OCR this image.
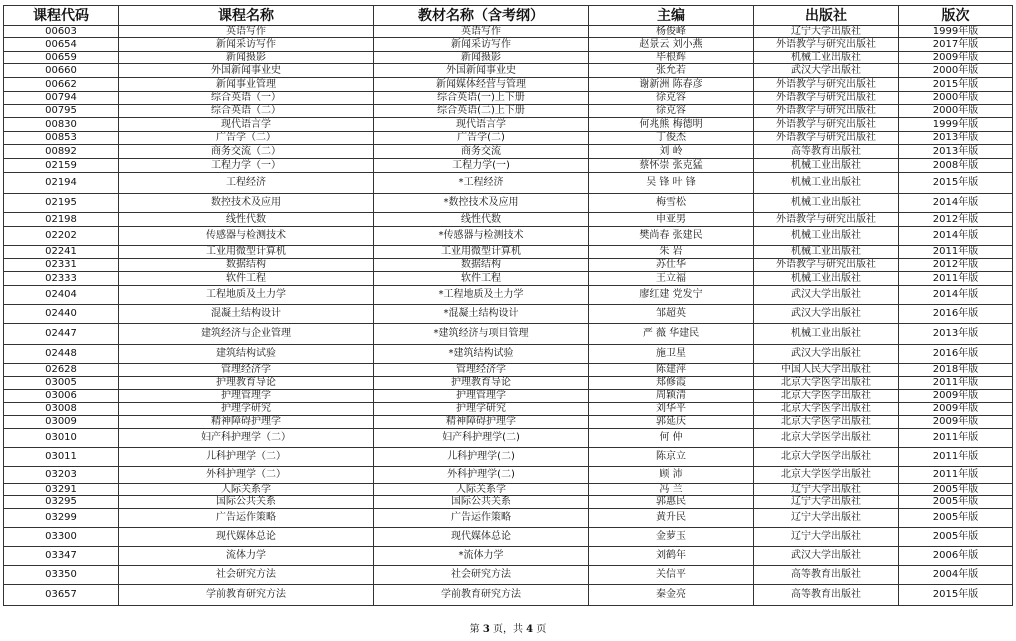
课程代码	课程名称	教材名称（含考纲）	主编	出版社	版次
00603	英语写作	英语写作	杨俊峰	辽宁大学出版社	1999年版
00654	新闻采访写作	新闻采访写作	赵景云 刘小燕	外语教学与研究出版社	2017年版
00659	新闻摄影	新闻摄影	毕根辉	机械工业出版社	2009年版
00660	外国新闻事业史	外国新闻事业史	张允若	武汉大学出版社	2000年版
00662	新闻事业管理	新闻媒体经营与管理	谢新洲 陈春彦	外语教学与研究出版社	2015年版
00794	综合英语（一）	综合英语(一)上下册	徐克容	外语教学与研究出版社	2000年版
00795	综合英语（二）	综合英语(二)上下册	徐克容	外语教学与研究出版社	2000年版
00830	现代语言学	现代语言学	何兆熊 梅德明	外语教学与研究出版社	1999年版
00853	广告学（二）	广告学(二)	丁俊杰	外语教学与研究出版社	2013年版
00892	商务交流（二）	商务交流	刘 岭	高等教育出版社	2013年版
02159	工程力学（一）	工程力学(一)	蔡怀崇 张克猛	机械工业出版社	2008年版
02194	工程经济	*工程经济	吴 锋 叶 锋	机械工业出版社	2015年版
02195	数控技术及应用	*数控技术及应用	梅雪松	机械工业出版社	2014年版
02198	线性代数	线性代数	申亚男	外语教学与研究出版社	2012年版
02202	传感器与检测技术	*传感器与检测技术	樊尚春 张建民	机械工业出版社	2014年版
02241	工业用微型计算机	工业用微型计算机	朱 岩	机械工业出版社	2011年版
02331	数据结构	数据结构	苏仕华	外语教学与研究出版社	2012年版
02333	软件工程	软件工程	王立福	机械工业出版社	2011年版
02404	工程地质及土力学	*工程地质及土力学	廖红建 党发宁	武汉大学出版社	2014年版
02440	混凝土结构设计	*混凝土结构设计	邹超英	武汉大学出版社	2016年版
02447	建筑经济与企业管理	*建筑经济与项目管理	严 薇 华建民	机械工业出版社	2013年版
02448	建筑结构试验	*建筑结构试验	施卫星	武汉大学出版社	2016年版
02628	管理经济学	管理经济学	陈建萍	中国人民大学出版社	2018年版
03005	护理教育导论	护理教育导论	郑修霞	北京大学医学出版社	2011年版
03006	护理管理学	护理管理学	周颖清	北京大学医学出版社	2009年版
03008	护理学研究	护理学研究	刘华平	北京大学医学出版社	2009年版
03009	精神障碍护理学	精神障碍护理学	郭延庆	北京大学医学出版社	2009年版
03010	妇产科护理学（二）	妇产科护理学(二)	何 仲	北京大学医学出版社	2011年版
03011	儿科护理学（二）	儿科护理学(二)	陈京立	北京大学医学出版社	2011年版
03203	外科护理学（二）	外科护理学(二)	顾 沛	北京大学医学出版社	2011年版
03291	人际关系学	人际关系学	冯 兰	辽宁大学出版社	2005年版
03295	国际公共关系	国际公共关系	郭惠民	辽宁大学出版社	2005年版
03299	广告运作策略	广告运作策略	黄升民	辽宁大学出版社	2005年版
03300	现代媒体总论	现代媒体总论	金萝玉	辽宁大学出版社	2005年版
03347	流体力学	*流体力学	刘鹤年	武汉大学出版社	2006年版
03350	社会研究方法	社会研究方法	关信平	高等教育出版社	2004年版
03657	学前教育研究方法	学前教育研究方法	秦金亮	高等教育出版社	2015年版
第 3 页，共 4 页
